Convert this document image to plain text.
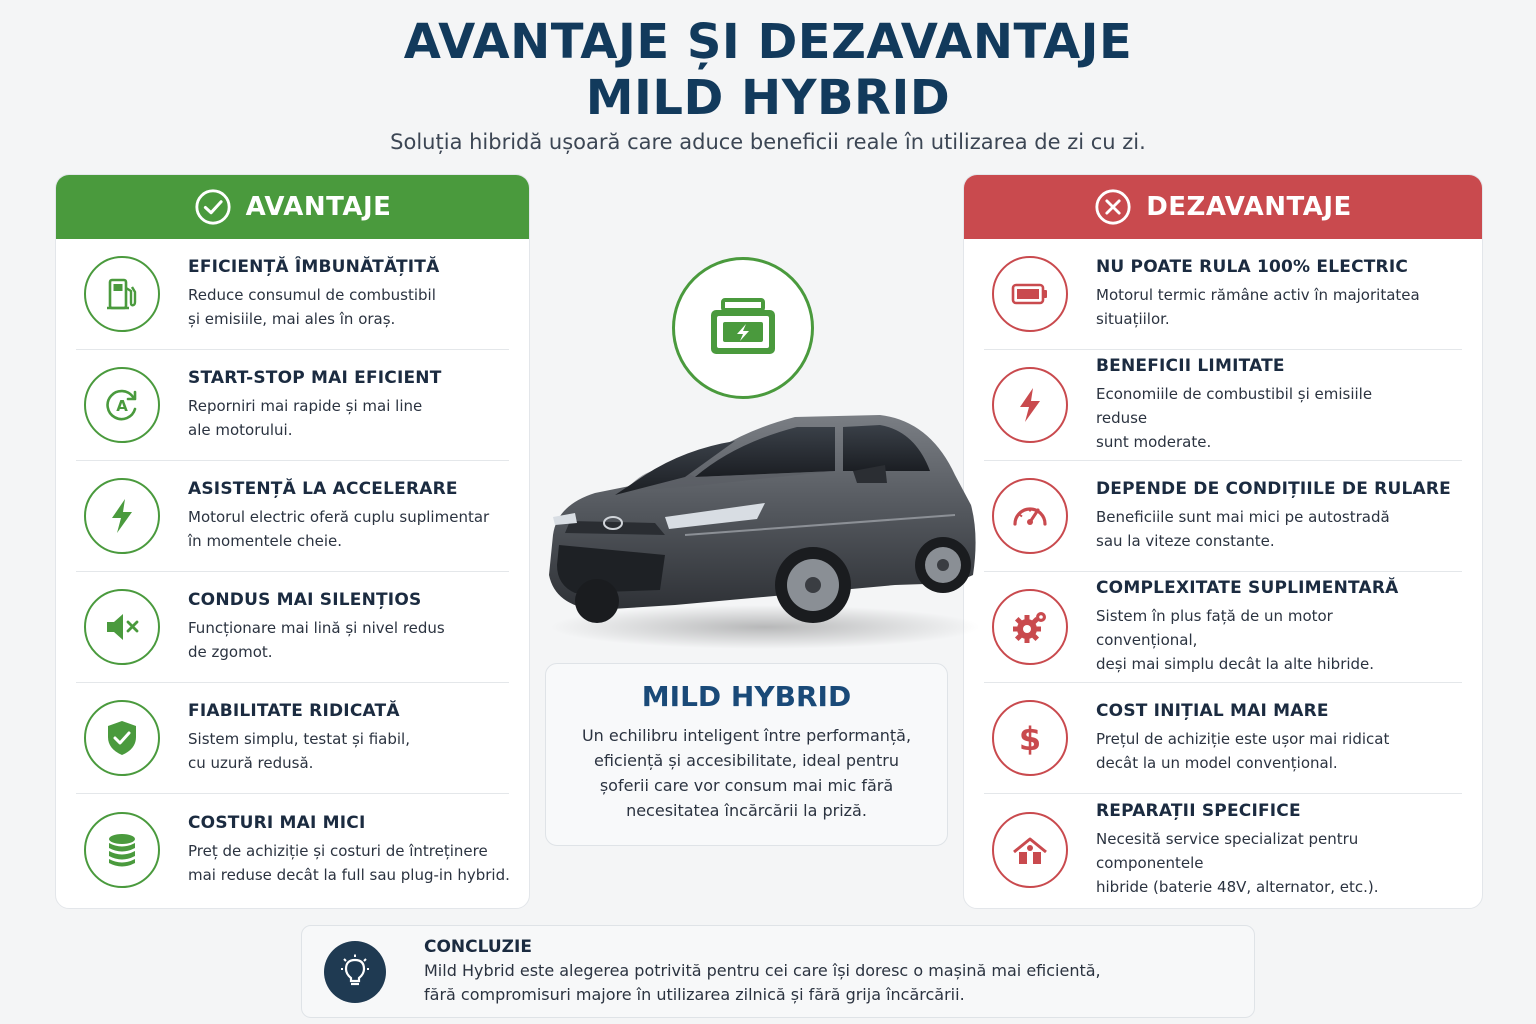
AVANTAJE ȘI DEZAVANTAJE
MILD HYBRID
Soluția hibridă ușoară care aduce beneficii reale în utilizarea de zi cu zi.
AVANTAJE
EFICIENȚĂ ÎMBUNĂTĂȚITĂ
Reduce consumul de combustibil
și emisiile, mai ales în oraș.
A
START-STOP MAI EFICIENT
Reporniri mai rapide și mai line
ale motorului.
ASISTENȚĂ LA ACCELERARE
Motorul electric oferă cuplu suplimentar
în momentele cheie.
CONDUS MAI SILENȚIOS
Funcționare mai lină și nivel redus
de zgomot.
FIABILITATE RIDICATĂ
Sistem simplu, testat și fiabil,
cu uzură redusă.
COSTURI MAI MICI
Preț de achiziție și costuri de întreținere
mai reduse decât la full sau plug-in hybrid.
DEZAVANTAJE
NU POATE RULA 100% ELECTRIC
Motorul termic rămâne activ în majoritatea
situațiilor.
BENEFICII LIMITATE
Economiile de combustibil și emisiile reduse
sunt moderate.
DEPENDE DE CONDIȚIILE DE RULARE
Beneficiile sunt mai mici pe autostradă
sau la viteze constante.
COMPLEXITATE SUPLIMENTARĂ
Sistem în plus față de un motor convențional,
deși mai simplu decât la alte hibride.
$
COST INIȚIAL MAI MARE
Prețul de achiziție este ușor mai ridicat
decât la un model convențional.
REPARAȚII SPECIFICE
Necesită service specializat pentru componentele
hibride (baterie 48V, alternator, etc.).
MILD HYBRID
Un echilibru inteligent între performanță,
eficiență și accesibilitate, ideal pentru
șoferii care vor consum mai mic fără
necesitatea încărcării la priză.
CONCLUZIE
Mild Hybrid este alegerea potrivită pentru cei care își doresc o mașină mai eficientă,
fără compromisuri majore în utilizarea zilnică și fără grija încărcării.
